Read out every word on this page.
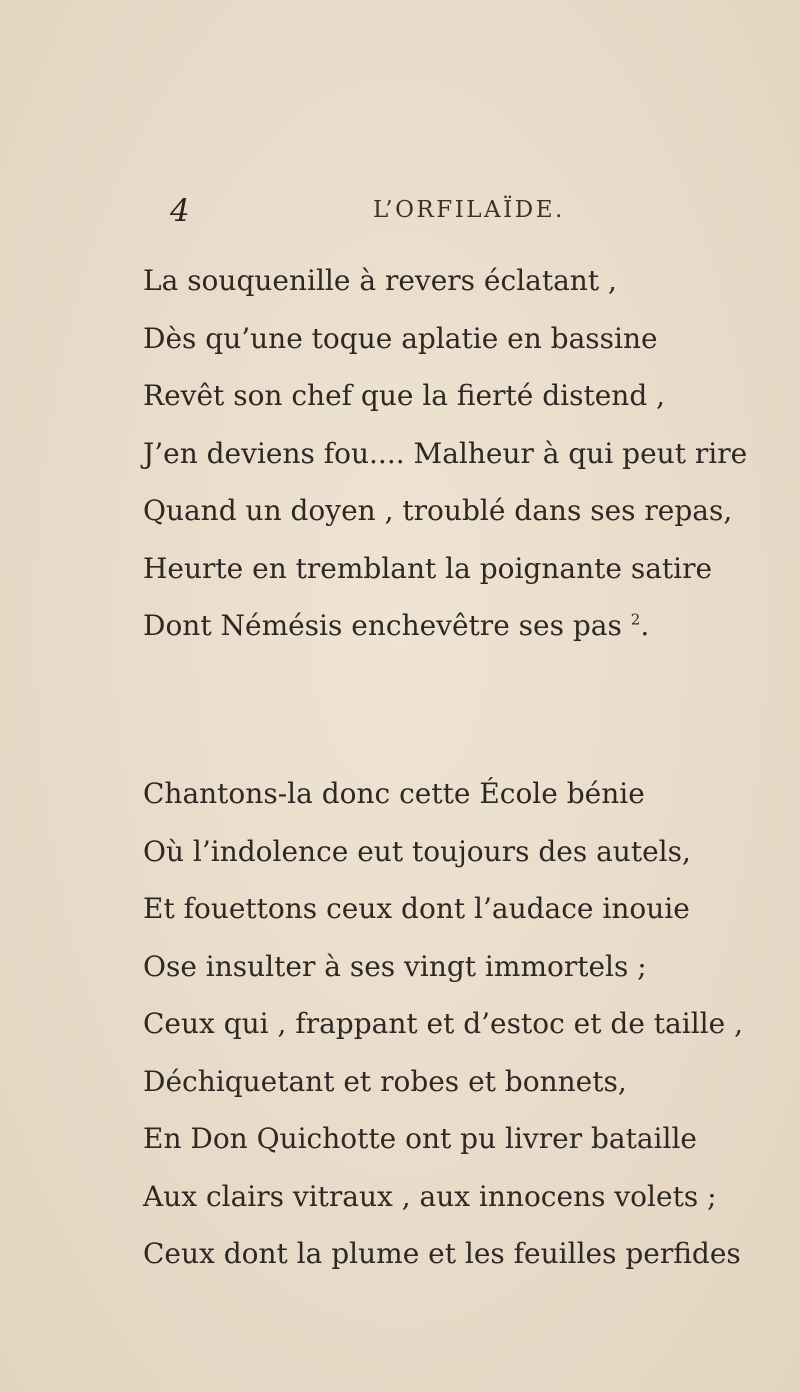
4	L’ORFILAÏDE.
La souquenille à revers éclatant ,
Dès qu’une toque aplatie en bassine
Revêt son chef que la fierté distend ,
J’en deviens fou.... Malheur à qui peut rire
Quand un doyen , troublé dans ses repas,
Heurte en tremblant la poignante satire
Dont Némésis enchevêtre ses pas $^2$.
Chantons-la donc cette École bénie
Où l’indolence eut toujours des autels,
Et fouettons ceux dont l’audace inouie
Ose insulter à ses vingt immortels ;
Ceux qui , frappant et d’estoc et de taille ,
Déchiquetant et robes et bonnets,
En Don Quichotte ont pu livrer bataille
Aux clairs vitraux , aux innocens volets ;
Ceux dont la plume et les feuilles perfides
